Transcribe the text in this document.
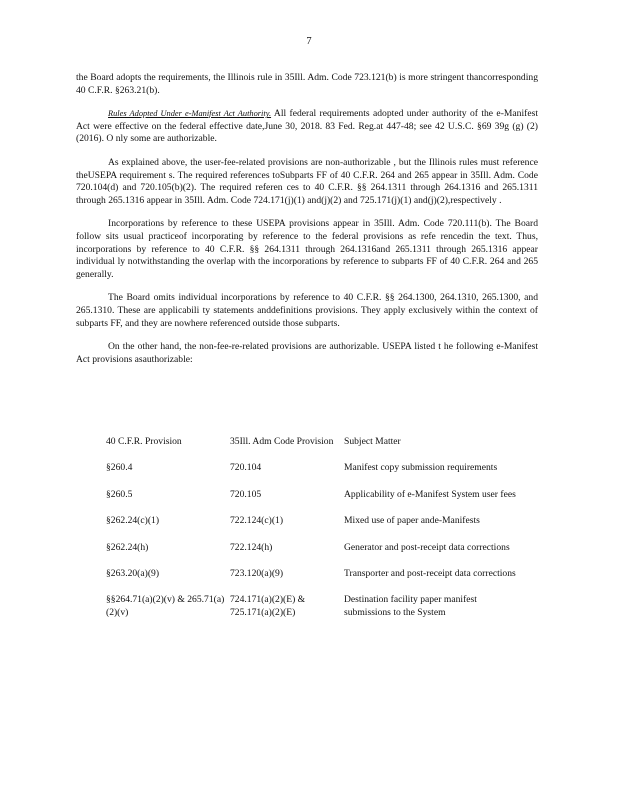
7

the Board adopts the requirements, the Illinois rule in 35Ill. Adm. Code 723.121(b) is more stringent thancorresponding 40 C.F.R. §263.21(b).

Rules Adopted Under e-Manifest Act Authority. All federal requirements adopted under authority of the e-Manifest Act were effective on the federal effective date,June 30, 2018. 83 Fed. Reg.at 447-48; see 42 U.S.C. §69 39g (g) (2) (2016). O nly some are authorizable.

As explained above, the user-fee-related provisions are non-authorizable , but the Illinois rules must reference theUSEPA requirement s. The required references toSubparts FF of 40 C.F.R. 264 and 265 appear in 35Ill. Adm. Code 720.104(d) and 720.105(b)(2). The required referen ces to 40 C.F.R. §§ 264.1311 through 264.1316 and 265.1311 through 265.1316 appear in 35Ill. Adm. Code 724.171(j)(1) and(j)(2) and 725.171(j)(1) and(j)(2),respectively .

Incorporations by reference to these USEPA provisions appear in 35Ill. Adm. Code 720.111(b). The Board follow sits usual practiceof incorporating by reference to the federal provisions as refe rencedin the text. Thus, incorporations by reference to 40 C.F.R. §§ 264.1311 through 264.1316and 265.1311 through 265.1316 appear individual ly notwithstanding the overlap with the incorporations by reference to subparts FF of 40 C.F.R. 264 and 265 generally.

The Board omits individual incorporations by reference to 40 C.F.R. §§ 264.1300, 264.1310, 265.1300, and 265.1310. These are applicabili ty statements anddefinitions provisions. They apply exclusively within the context of subparts FF, and they are nowhere referenced outside those subparts.

On the other hand, the non-fee-re-related provisions are authorizable. USEPA listed t he following e-Manifest Act provisions asauthorizable:

40 C.F.R. Provision	35Ill. Adm Code Provision	Subject Matter
§260.4	720.104	Manifest copy submission requirements
§260.5	720.105	Applicability of e-Manifest System user fees
§262.24(c)(1)	722.124(c)(1)	Mixed use of paper ande-Manifests
§262.24(h)	722.124(h)	Generator and post-receipt data corrections
§263.20(a)(9)	723.120(a)(9)	Transporter and post-receipt data corrections
§§264.71(a)(2)(v) & 265.71(a)(2)(v)	724.171(a)(2)(E) & 725.171(a)(2)(E)	Destination facility paper manifest submissions to the System
